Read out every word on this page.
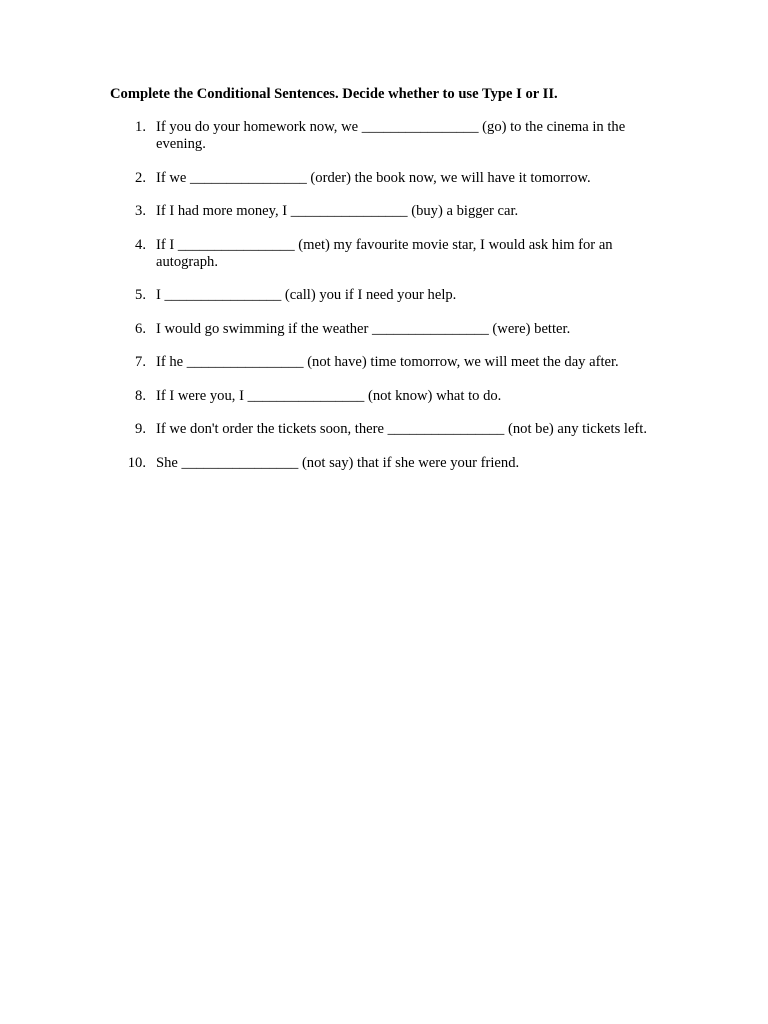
Complete the Conditional Sentences. Decide whether to use Type I or II.
1. If you do your homework now, we ________________ (go) to the cinema in the evening.
2. If we ________________ (order) the book now, we will have it tomorrow.
3. If I had more money, I ________________ (buy) a bigger car.
4. If I ________________ (met) my favourite movie star, I would ask him for an autograph.
5. I ________________ (call) you if I need your help.
6. I would go swimming if the weather ________________ (were) better.
7. If he ________________ (not have) time tomorrow, we will meet the day after.
8. If I were you, I ________________ (not know) what to do.
9. If we don't order the tickets soon, there ________________ (not be) any tickets left.
10. She ________________ (not say) that if she were your friend.
